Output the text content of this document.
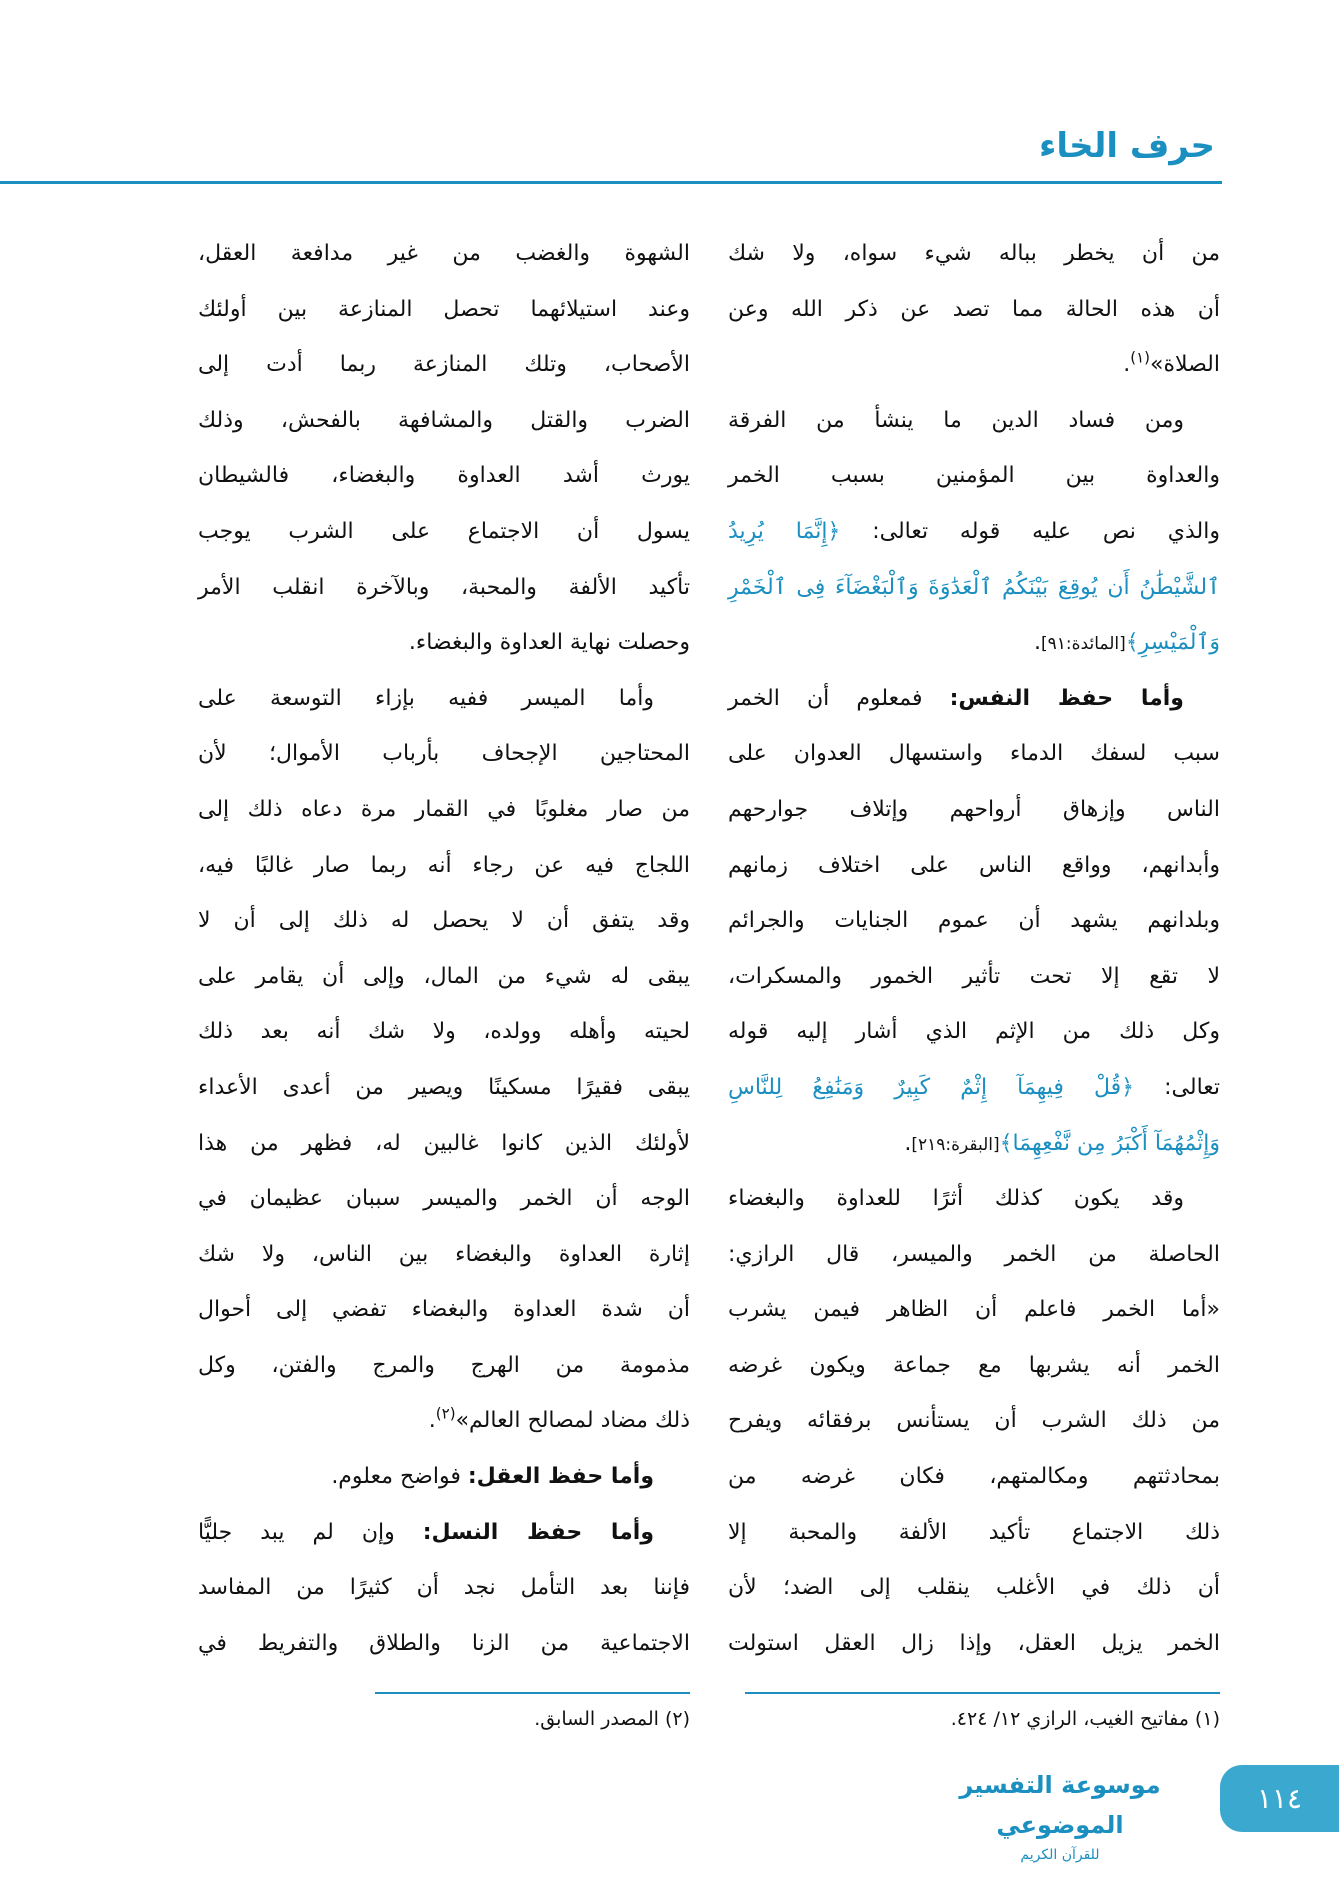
حرف الخاء
من أن يخطر بباله شيء سواه، ولا شك
أن هذه الحالة مما تصد عن ذكر الله وعن
الصلاة»$^{(١)}$.
ومن فساد الدين ما ينشأ من الفرقة
والعداوة بين المؤمنين بسبب الخمر
والذي نص عليه قوله تعالى: ﴿إِنَّمَا يُرِيدُ
ٱلشَّيْطَٰنُ أَن يُوقِعَ بَيْنَكُمُ ٱلْعَدَٰوَةَ وَٱلْبَغْضَآءَ فِى ٱلْخَمْرِ
وَٱلْمَيْسِرِ﴾[المائدة:٩١].
وأما حفظ النفس: فمعلوم أن الخمر
سبب لسفك الدماء واستسهال العدوان على
الناس وإزهاق أرواحهم وإتلاف جوارحهم
وأبدانهم، وواقع الناس على اختلاف زمانهم
وبلدانهم يشهد أن عموم الجنايات والجرائم
لا تقع إلا تحت تأثير الخمور والمسكرات،
وكل ذلك من الإثم الذي أشار إليه قوله
تعالى: ﴿قُلْ فِيهِمَآ إِثْمٌ كَبِيرٌ وَمَنَٰفِعُ لِلنَّاسِ
وَإِثْمُهُمَآ أَكْبَرُ مِن نَّفْعِهِمَا﴾[البقرة:٢١٩].
وقد يكون كذلك أثرًا للعداوة والبغضاء
الحاصلة من الخمر والميسر، قال الرازي:
«أما الخمر فاعلم أن الظاهر فيمن يشرب
الخمر أنه يشربها مع جماعة ويكون غرضه
من ذلك الشرب أن يستأنس برفقائه ويفرح
بمحادثتهم ومكالمتهم، فكان غرضه من
ذلك الاجتماع تأكيد الألفة والمحبة إلا
أن ذلك في الأغلب ينقلب إلى الضد؛ لأن
الخمر يزيل العقل، وإذا زال العقل استولت
الشهوة والغضب من غير مدافعة العقل،
وعند استيلائهما تحصل المنازعة بين أولئك
الأصحاب، وتلك المنازعة ربما أدت إلى
الضرب والقتل والمشافهة بالفحش، وذلك
يورث أشد العداوة والبغضاء، فالشيطان
يسول أن الاجتماع على الشرب يوجب
تأكيد الألفة والمحبة، وبالآخرة انقلب الأمر
وحصلت نهاية العداوة والبغضاء.
وأما الميسر ففيه بإزاء التوسعة على
المحتاجين الإجحاف بأرباب الأموال؛ لأن
من صار مغلوبًا في القمار مرة دعاه ذلك إلى
اللجاج فيه عن رجاء أنه ربما صار غالبًا فيه،
وقد يتفق أن لا يحصل له ذلك إلى أن لا
يبقى له شيء من المال، وإلى أن يقامر على
لحيته وأهله وولده، ولا شك أنه بعد ذلك
يبقى فقيرًا مسكينًا ويصير من أعدى الأعداء
لأولئك الذين كانوا غالبين له، فظهر من هذا
الوجه أن الخمر والميسر سببان عظيمان في
إثارة العداوة والبغضاء بين الناس، ولا شك
أن شدة العداوة والبغضاء تفضي إلى أحوال
مذمومة من الهرج والمرج والفتن، وكل
ذلك مضاد لمصالح العالم»$^{(٢)}$.
وأما حفظ العقل: فواضح معلوم.
وأما حفظ النسل: وإن لم يبد جليًّا
فإننا بعد التأمل نجد أن كثيرًا من المفاسد
الاجتماعية من الزنا والطلاق والتفريط في
(١) مفاتيح الغيب، الرازي ١٢/ ٤٢٤.
(٢) المصدر السابق.
موسوعة التفسير الموضوعي
للقرآن الكريم
١١٤
